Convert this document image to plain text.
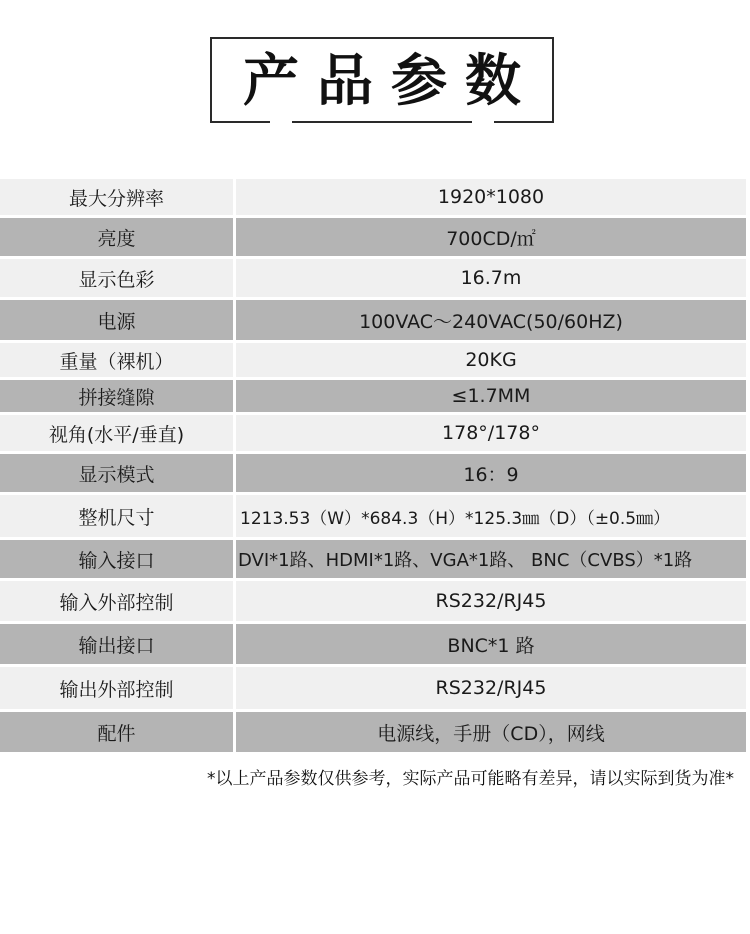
产品参数
最大分辨率	1920*1080
亮度	700CD/㎡
显示色彩	16.7m
电源	100VAC～240VAC(50/60HZ)
重量（裸机）	20KG
拼接缝隙	≤1.7MM
视角(水平/垂直)	178°/178°
显示模式	16：9
整机尺寸	1213.53（W）*684.3（H）*125.3㎜（D）（±0.5㎜）
输入接口	DVI*1路、HDMI*1路、VGA*1路、 BNC（CVBS）*1路
输入外部控制	RS232/RJ45
输出接口	BNC*1 路
输出外部控制	RS232/RJ45
配件	电源线，手册（CD），网线
*以上产品参数仅供参考，实际产品可能略有差异，请以实际到货为准*
